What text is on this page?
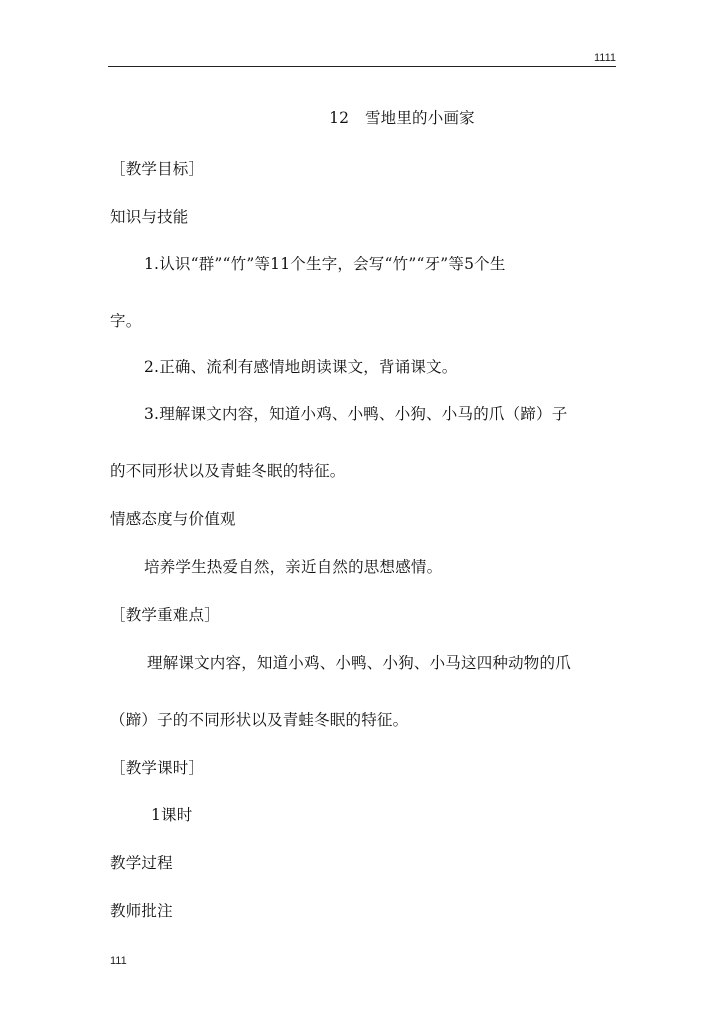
1111
12　雪地里的小画家
［教学目标］
知识与技能
1.认识“群”“竹”等11个生字，会写“竹”“牙”等5个生
字。
2.正确、流利有感情地朗读课文，背诵课文。
3.理解课文内容，知道小鸡、小鸭、小狗、小马的爪（蹄）子
的不同形状以及青蛙冬眠的特征。
情感态度与价值观
培养学生热爱自然，亲近自然的思想感情。
［教学重难点］
理解课文内容，知道小鸡、小鸭、小狗、小马这四种动物的爪
（蹄）子的不同形状以及青蛙冬眠的特征。
［教学课时］
1课时
教学过程
教师批注
111
